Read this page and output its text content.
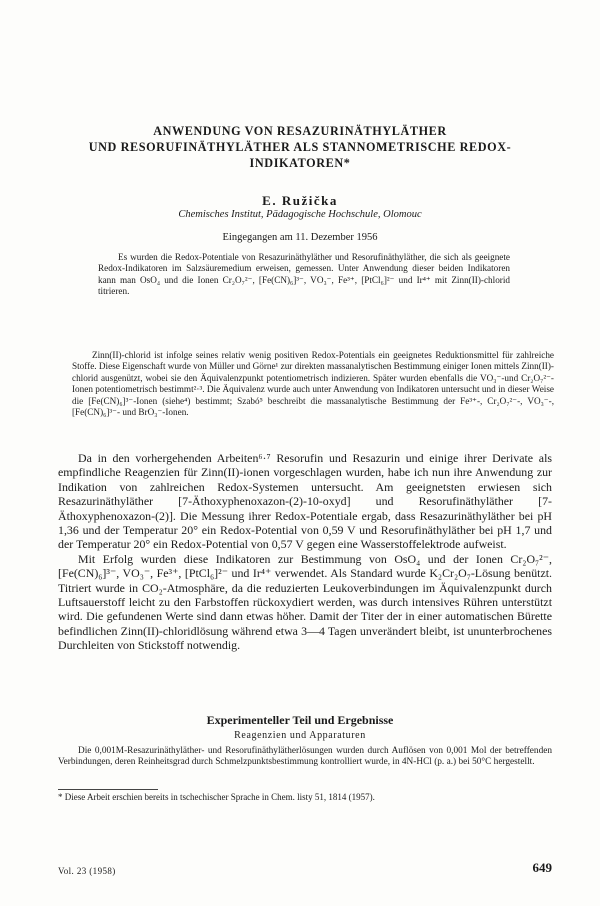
ANWENDUNG VON RESAZURINÄTHYLÄTHER
UND RESORUFINÄTHYLÄTHER ALS STANNOMETRISCHE REDOX-
INDIKATOREN*
E. Ružička
Chemisches Institut, Pädagogische Hochschule, Olomouc
Eingegangen am 11. Dezember 1956

Es wurden die Redox-Potentiale von Resazurinäthyläther und Resorufinäthyläther, die sich als geeignete Redox-Indikatoren im Salzsäuremedium erweisen, gemessen. Unter Anwendung dieser beiden Indikatoren kann man OsO₄ und die Ionen Cr₂O₇²⁻, [Fe(CN)₆]³⁻, VO₃⁻, Fe³⁺, [PtCl₆]²⁻ und Ir⁴⁺ mit Zinn(II)-chlorid titrieren.

Zinn(II)-chlorid ist infolge seines relativ wenig positiven Redox-Potentials ein geeignetes Reduktionsmittel für zahlreiche Stoffe. Diese Eigenschaft wurde von Müller und Görne¹ zur direkten massanalytischen Bestimmung einiger Ionen mittels Zinn(II)-chlorid ausgenützt, wobei sie den Äquivalenzpunkt potentiometrisch indizieren. Später wurden ebenfalls die VO₃⁻-und Cr₂O₇²⁻-Ionen potentiometrisch bestimmt²·³. Die Äquivalenz wurde auch unter Anwendung von Indikatoren untersucht und in dieser Weise die [Fe(CN)₆]³⁻-Ionen (siehe⁴) bestimmt; Szabó⁵ beschreibt die massanalytische Bestimmung der Fe³⁺-, Cr₂O₇²⁻-, VO₃⁻-, [Fe(CN)₆]³⁻- und BrO₃⁻-Ionen.

Da in den vorhergehenden Arbeiten⁶·⁷ Resorufin und Resazurin und einige ihrer Derivate als empfindliche Reagenzien für Zinn(II)-ionen vorgeschlagen wurden, habe ich nun ihre Anwendung zur Indikation von zahlreichen Redox-Systemen untersucht. Am geeignetsten erwiesen sich Resazurinäthyläther [7-Äthoxyphenoxazon-(2)-10-oxyd] und Resorufinäthyläther [7-Äthoxyphenoxazon-(2)]. Die Messung ihrer Redox-Potentiale ergab, dass Resazurinäthyläther bei pH 1,36 und der Temperatur 20° ein Redox-Potential von 0,59 V und Resorufinäthyläther bei pH 1,7 und der Temperatur 20° ein Redox-Potential von 0,57 V gegen eine Wasserstoffelektrode aufweist.

Mit Erfolg wurden diese Indikatoren zur Bestimmung von OsO₄ und der Ionen Cr₂O₇²⁻, [Fe(CN)₆]³⁻, VO₃⁻, Fe³⁺, [PtCl₆]²⁻ und Ir⁴⁺ verwendet. Als Standard wurde K₂Cr₂O₇-Lösung benützt. Titriert wurde in CO₂-Atmosphäre, da die reduzierten Leukoverbindungen im Äquivalenzpunkt durch Luftsauerstoff leicht zu den Farbstoffen rückoxydiert werden, was durch intensives Rühren unterstützt wird. Die gefundenen Werte sind dann etwas höher. Damit der Titer der in einer automatischen Bürette befindlichen Zinn(II)-chloridlösung während etwa 3—4 Tagen unverändert bleibt, ist ununterbrochenes Durchleiten von Stickstoff notwendig.

Experimenteller Teil und Ergebnisse
Reagenzien und Apparaturen

Die 0,001M-Resazurinäthyläther- und Resorufinäthylätherlösungen wurden durch Auflösen von 0,001 Mol der betreffenden Verbindungen, deren Reinheitsgrad durch Schmelzpunktsbestimmung kontrolliert wurde, in 4N-HCl (p. a.) bei 50°C hergestellt.

* Diese Arbeit erschien bereits in tschechischer Sprache in Chem. listy 51, 1814 (1957).
Vol. 23 (1958)	649
